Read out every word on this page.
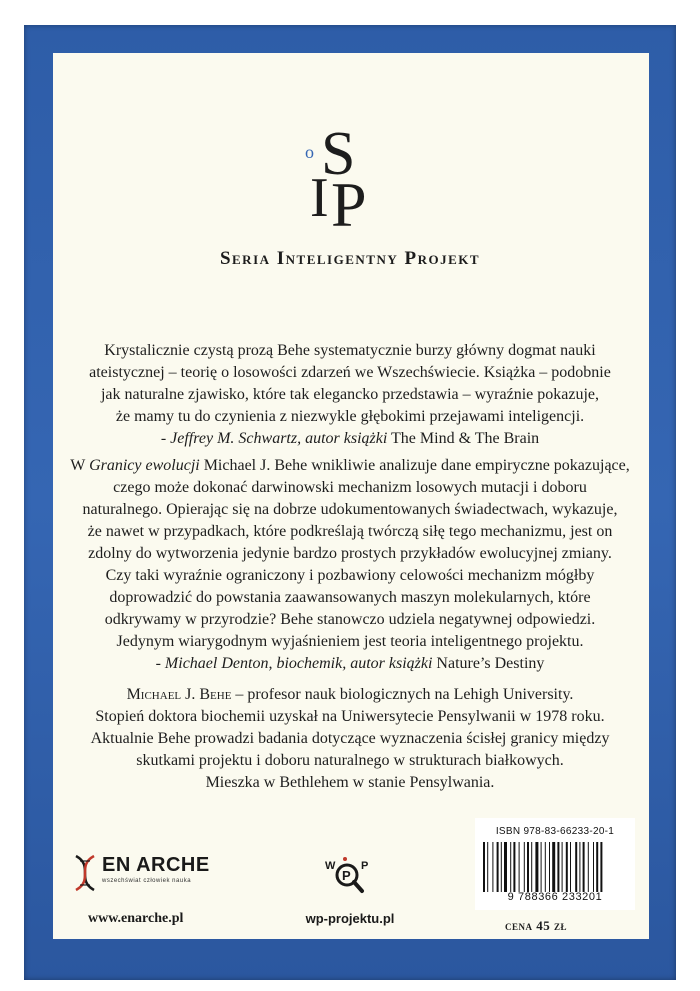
S
I P
o
Seria Inteligentny Projekt

Krystalicznie czystą prozą Behe systematycznie burzy główny dogmat nauki

ateistycznej – teorię o losowości zdarzeń we Wszechświecie. Książka – podobnie

jak naturalne zjawisko, które tak elegancko przedstawia – wyraźnie pokazuje,

że mamy tu do czynienia z niezwykle głębokimi przejawami inteligencji.

- Jeffrey M. Schwartz, autor książki The Mind & The Brain

W Granicy ewolucji Michael J. Behe wnikliwie analizuje dane empiryczne pokazujące,

czego może dokonać darwinowski mechanizm losowych mutacji i doboru

naturalnego. Opierając się na dobrze udokumentowanych świadectwach, wykazuje,

że nawet w przypadkach, które podkreślają twórczą siłę tego mechanizmu, jest on

zdolny do wytworzenia jedynie bardzo prostych przykładów ewolucyjnej zmiany.

Czy taki wyraźnie ograniczony i pozbawiony celowości mechanizm mógłby

doprowadzić do powstania zaawansowanych maszyn molekularnych, które

odkrywamy w przyrodzie? Behe stanowczo udziela negatywnej odpowiedzi.

Jedynym wiarygodnym wyjaśnieniem jest teoria inteligentnego projektu.

- Michael Denton, biochemik, autor książki Nature’s Destiny

Michael J. Behe – profesor nauk biologicznych na Lehigh University.

Stopień doktora biochemii uzyskał na Uniwersytecie Pensylwanii w 1978 roku.

Aktualnie Behe prowadzi badania dotyczące wyznaczenia ścisłej granicy między

skutkami projektu i doboru naturalnego w strukturach białkowych.

Mieszka w Bethlehem w stanie Pensylwania.

EN ARCHE
wszechświat człowiek nauka
www.enarche.pl
W
P
P
wp-projektu.pl
ISBN 978-83-66233-20-1
9 788366 233201
cena 45 zł
